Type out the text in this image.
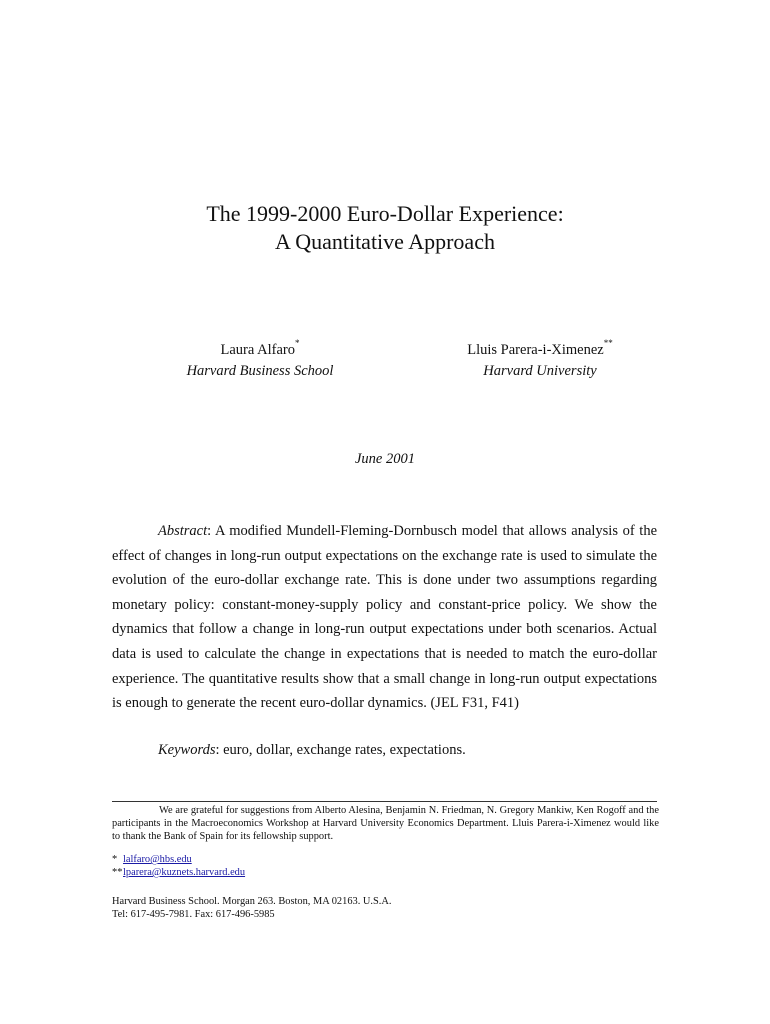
The 1999-2000 Euro-Dollar Experience:
A Quantitative Approach
Laura Alfaro*
Harvard Business School
Lluis Parera-i-Ximenez**
Harvard University
June 2001

Abstract: A modified Mundell-Fleming-Dornbusch model that allows analysis of the effect of changes in long-run output expectations on the exchange rate is used to simulate the evolution of the euro-dollar exchange rate. This is done under two assumptions regarding monetary policy: constant-money-supply policy and constant-price policy. We show the dynamics that follow a change in long-run output expectations under both scenarios. Actual data is used to calculate the change in expectations that is needed to match the euro-dollar experience. The quantitative results show that a small change in long-run output expectations is enough to generate the recent euro-dollar dynamics. (JEL F31, F41)

Keywords: euro, dollar, exchange rates, expectations.

We are grateful for suggestions from Alberto Alesina, Benjamin N. Friedman, N. Gregory Mankiw, Ken Rogoff and the participants in the Macroeconomics Workshop at Harvard University Economics Department. Lluis Parera-i-Ximenez would like to thank the Bank of Spain for its fellowship support.

* lalfaro@hbs.edu
**lparera@kuznets.harvard.edu
Harvard Business School. Morgan 263. Boston, MA 02163. U.S.A.
Tel: 617-495-7981. Fax: 617-496-5985
